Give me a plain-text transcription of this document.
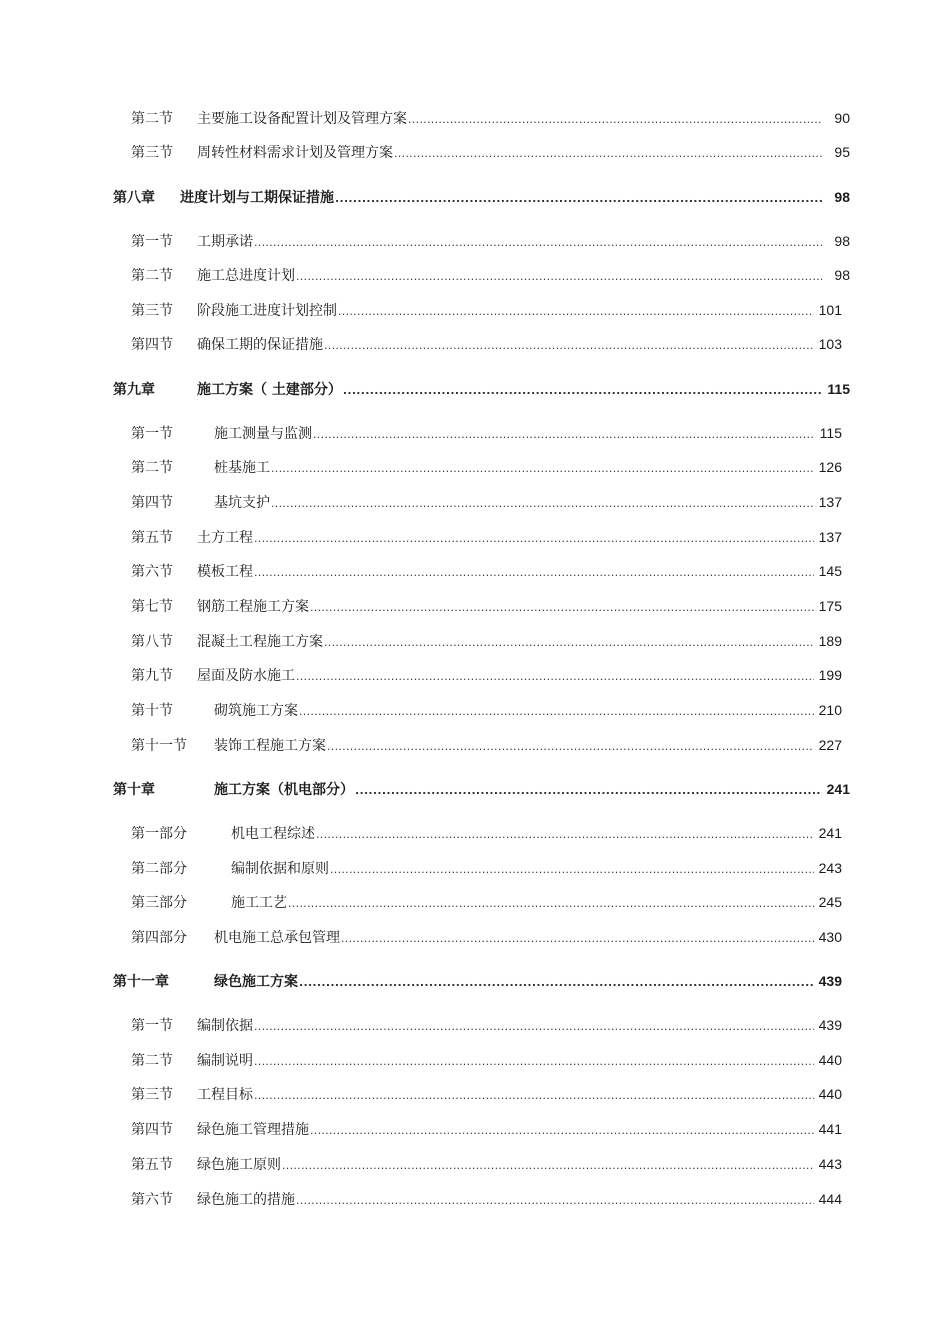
第二节	主要施工设备配置计划及管理方案 .....	90
第三节	周转性材料需求计划及管理方案 .....	95
第八章	进度计划与工期保证措施 .....	98
第一节	工期承诺 .....	98
第二节	施工总进度计划 .....	98
第三节	阶段施工进度计划控制 .....	101
第四节	确保工期的保证措施 .....	103
第九章	施工方案（ 土建部分） .....	115
第一节	施工测量与监测 .....	115
第二节	桩基施工 .....	126
第四节	基坑支护 .....	137
第五节	土方工程 .....	137
第六节	模板工程 .....	145
第七节	钢筋工程施工方案 .....	175
第八节	混凝土工程施工方案 .....	189
第九节	屋面及防水施工 .....	199
第十节	砌筑施工方案 .....	210
第十一节	装饰工程施工方案 .....	227
第十章	施工方案（机电部分） .....	241
第一部分	机电工程综述 .....	241
第二部分	编制依据和原则 .....	243
第三部分	施工工艺 .....	245
第四部分	机电施工总承包管理 .....	430
第十一章	绿色施工方案 .....	439
第一节	编制依据 .....	439
第二节	编制说明 .....	440
第三节	工程目标 .....	440
第四节	绿色施工管理措施 .....	441
第五节	绿色施工原则 .....	443
第六节	绿色施工的措施 .....	444
